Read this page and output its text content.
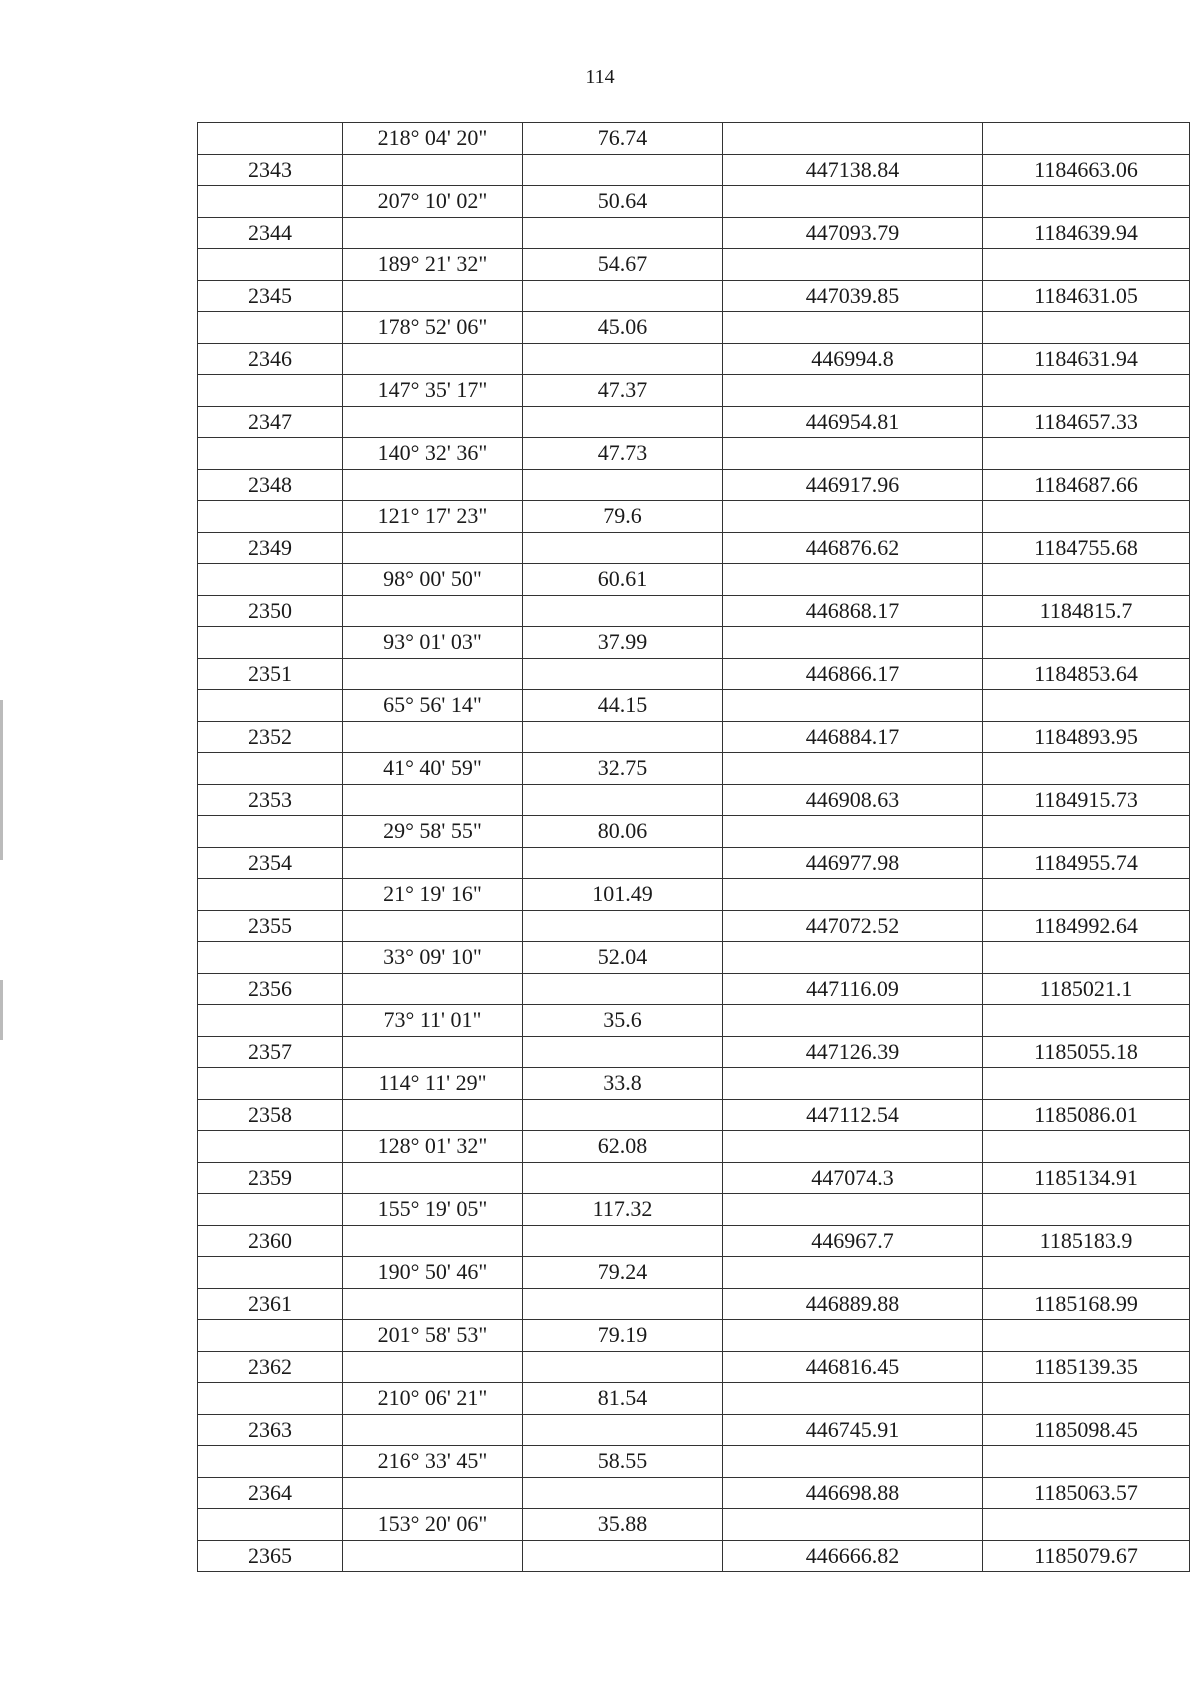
114
	218° 04' 20"	76.74		
2343			447138.84	1184663.06
	207° 10' 02"	50.64		
2344			447093.79	1184639.94
	189° 21' 32"	54.67		
2345			447039.85	1184631.05
	178° 52' 06"	45.06		
2346			446994.8	1184631.94
	147° 35' 17"	47.37		
2347			446954.81	1184657.33
	140° 32' 36"	47.73		
2348			446917.96	1184687.66
	121° 17' 23"	79.6		
2349			446876.62	1184755.68
	98° 00' 50"	60.61		
2350			446868.17	1184815.7
	93° 01' 03"	37.99		
2351			446866.17	1184853.64
	65° 56' 14"	44.15		
2352			446884.17	1184893.95
	41° 40' 59"	32.75		
2353			446908.63	1184915.73
	29° 58' 55"	80.06		
2354			446977.98	1184955.74
	21° 19' 16"	101.49		
2355			447072.52	1184992.64
	33° 09' 10"	52.04		
2356			447116.09	1185021.1
	73° 11' 01"	35.6		
2357			447126.39	1185055.18
	114° 11' 29"	33.8		
2358			447112.54	1185086.01
	128° 01' 32"	62.08		
2359			447074.3	1185134.91
	155° 19' 05"	117.32		
2360			446967.7	1185183.9
	190° 50' 46"	79.24		
2361			446889.88	1185168.99
	201° 58' 53"	79.19		
2362			446816.45	1185139.35
	210° 06' 21"	81.54		
2363			446745.91	1185098.45
	216° 33' 45"	58.55		
2364			446698.88	1185063.57
	153° 20' 06"	35.88		
2365			446666.82	1185079.67
